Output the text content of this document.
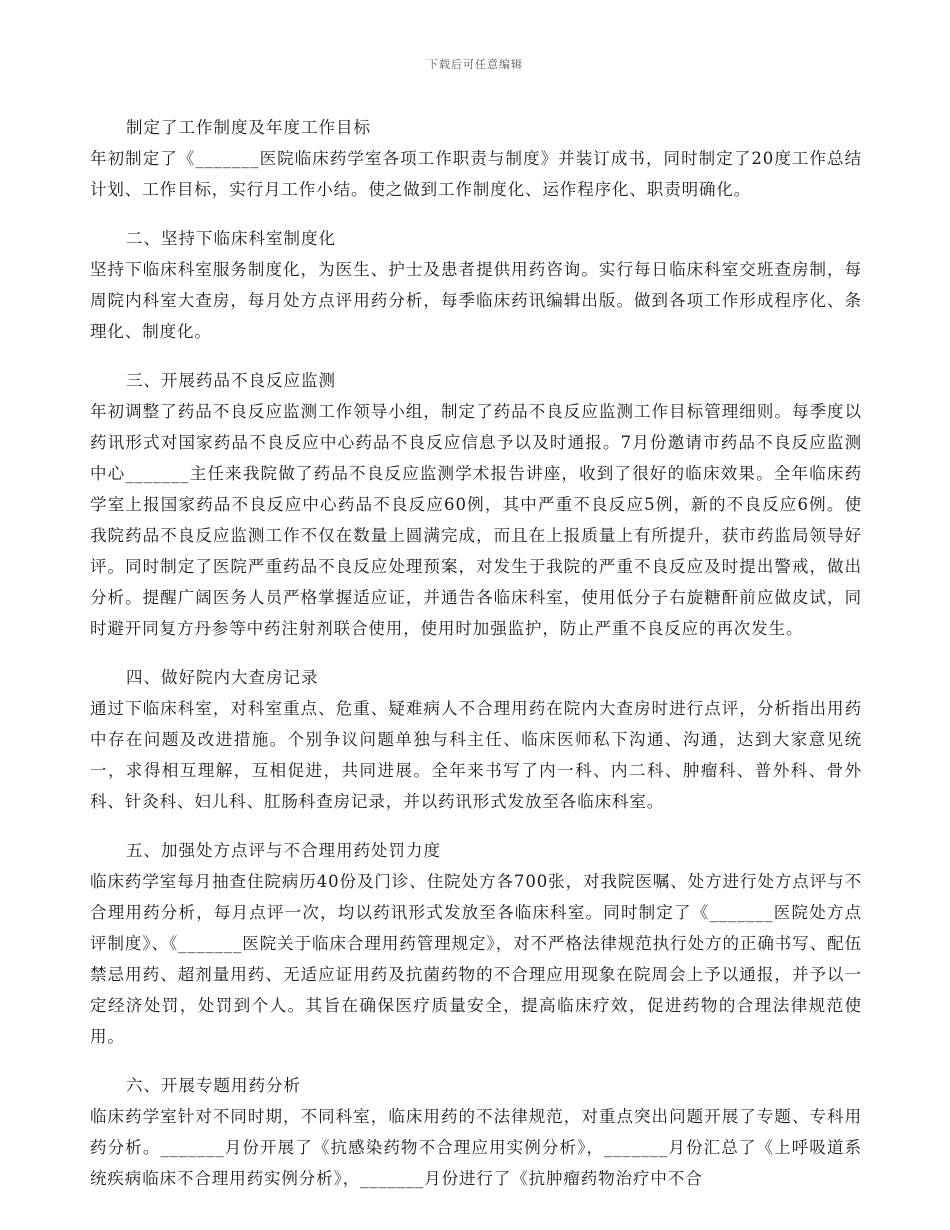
下载后可任意编辑

制定了工作制度及年度工作目标

年初制定了《_______医院临床药学室各项工作职责与制度》并装订成书，同时制定了20度工作总结计划、工作目标，实行月工作小结。使之做到工作制度化、运作程序化、职责明确化。

二、坚持下临床科室制度化

坚持下临床科室服务制度化，为医生、护士及患者提供用药咨询。实行每日临床科室交班查房制，每周院内科室大查房，每月处方点评用药分析，每季临床药讯编辑出版。做到各项工作形成程序化、条理化、制度化。

三、开展药品不良反应监测

年初调整了药品不良反应监测工作领导小组，制定了药品不良反应监测工作目标管理细则。每季度以药讯形式对国家药品不良反应中心药品不良反应信息予以及时通报。7月份邀请市药品不良反应监测中心_______主任来我院做了药品不良反应监测学术报告讲座，收到了很好的临床效果。全年临床药学室上报国家药品不良反应中心药品不良反应60例，其中严重不良反应5例，新的不良反应6例。使我院药品不良反应监测工作不仅在数量上圆满完成，而且在上报质量上有所提升，获市药监局领导好评。同时制定了医院严重药品不良反应处理预案，对发生于我院的严重不良反应及时提出警戒，做出分析。提醒广阔医务人员严格掌握适应证，并通告各临床科室，使用低分子右旋糖酐前应做皮试，同时避开同复方丹参等中药注射剂联合使用，使用时加强监护，防止严重不良反应的再次发生。

四、做好院内大查房记录

通过下临床科室，对科室重点、危重、疑难病人不合理用药在院内大查房时进行点评，分析指出用药中存在问题及改进措施。个别争议问题单独与科主任、临床医师私下沟通、沟通，达到大家意见统一，求得相互理解，互相促进，共同进展。全年来书写了内一科、内二科、肿瘤科、普外科、骨外科、针灸科、妇儿科、肛肠科查房记录，并以药讯形式发放至各临床科室。

五、加强处方点评与不合理用药处罚力度

临床药学室每月抽查住院病历40份及门诊、住院处方各700张，对我院医嘱、处方进行处方点评与不合理用药分析，每月点评一次，均以药讯形式发放至各临床科室。同时制定了《_______医院处方点评制度》、《_______医院关于临床合理用药管理规定》，对不严格法律规范执行处方的正确书写、配伍禁忌用药、超剂量用药、无适应证用药及抗菌药物的不合理应用现象在院周会上予以通报，并予以一定经济处罚，处罚到个人。其旨在确保医疗质量安全，提高临床疗效，促进药物的合理法律规范使用。

六、开展专题用药分析

临床药学室针对不同时期，不同科室，临床用药的不法律规范，对重点突出问题开展了专题、专科用药分析。_______月份开展了《抗感染药物不合理应用实例分析》，_______月份汇总了《上呼吸道系统疾病临床不合理用药实例分析》，_______月份进行了《抗肿瘤药物治疗中不合
